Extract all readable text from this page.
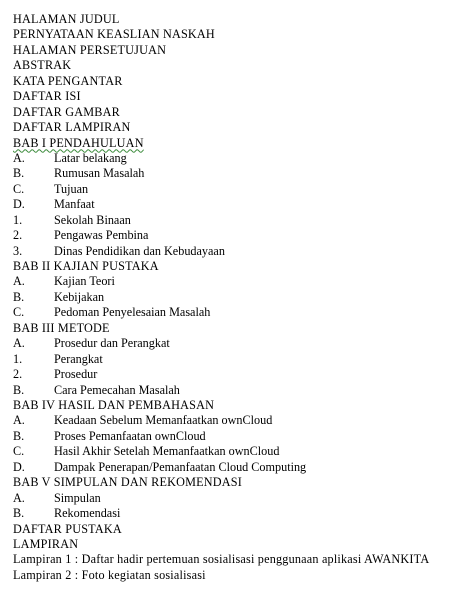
HALAMAN JUDUL
PERNYATAAN KEASLIAN NASKAH
HALAMAN PERSETUJUAN
ABSTRAK
KATA PENGANTAR
DAFTAR ISI
DAFTAR GAMBAR
DAFTAR LAMPIRAN
BAB I PENDAHULUAN
A. Latar belakang
B. Rumusan Masalah
C. Tujuan
D. Manfaat
1.	Sekolah Binaan
2.	Pengawas Pembina
3.	Dinas Pendidikan dan Kebudayaan
BAB II KAJIAN PUSTAKA
A. Kajian Teori
B. Kebijakan
C. Pedoman Penyelesaian Masalah
BAB III METODE
A. Prosedur dan Perangkat
1.	Perangkat
2.	Prosedur
B. Cara Pemecahan Masalah
BAB IV HASIL DAN PEMBAHASAN
A. Keadaan Sebelum Memanfaatkan ownCloud
B. Proses Pemanfaatan ownCloud
C. Hasil Akhir Setelah Memanfaatkan ownCloud
D. Dampak Penerapan/Pemanfaatan Cloud Computing
BAB V SIMPULAN DAN REKOMENDASI
A. Simpulan
B. Rekomendasi
DAFTAR PUSTAKA
LAMPIRAN
Lampiran 1 : Daftar hadir pertemuan sosialisasi penggunaan aplikasi AWANKITA
Lampiran 2 : Foto kegiatan sosialisasi
